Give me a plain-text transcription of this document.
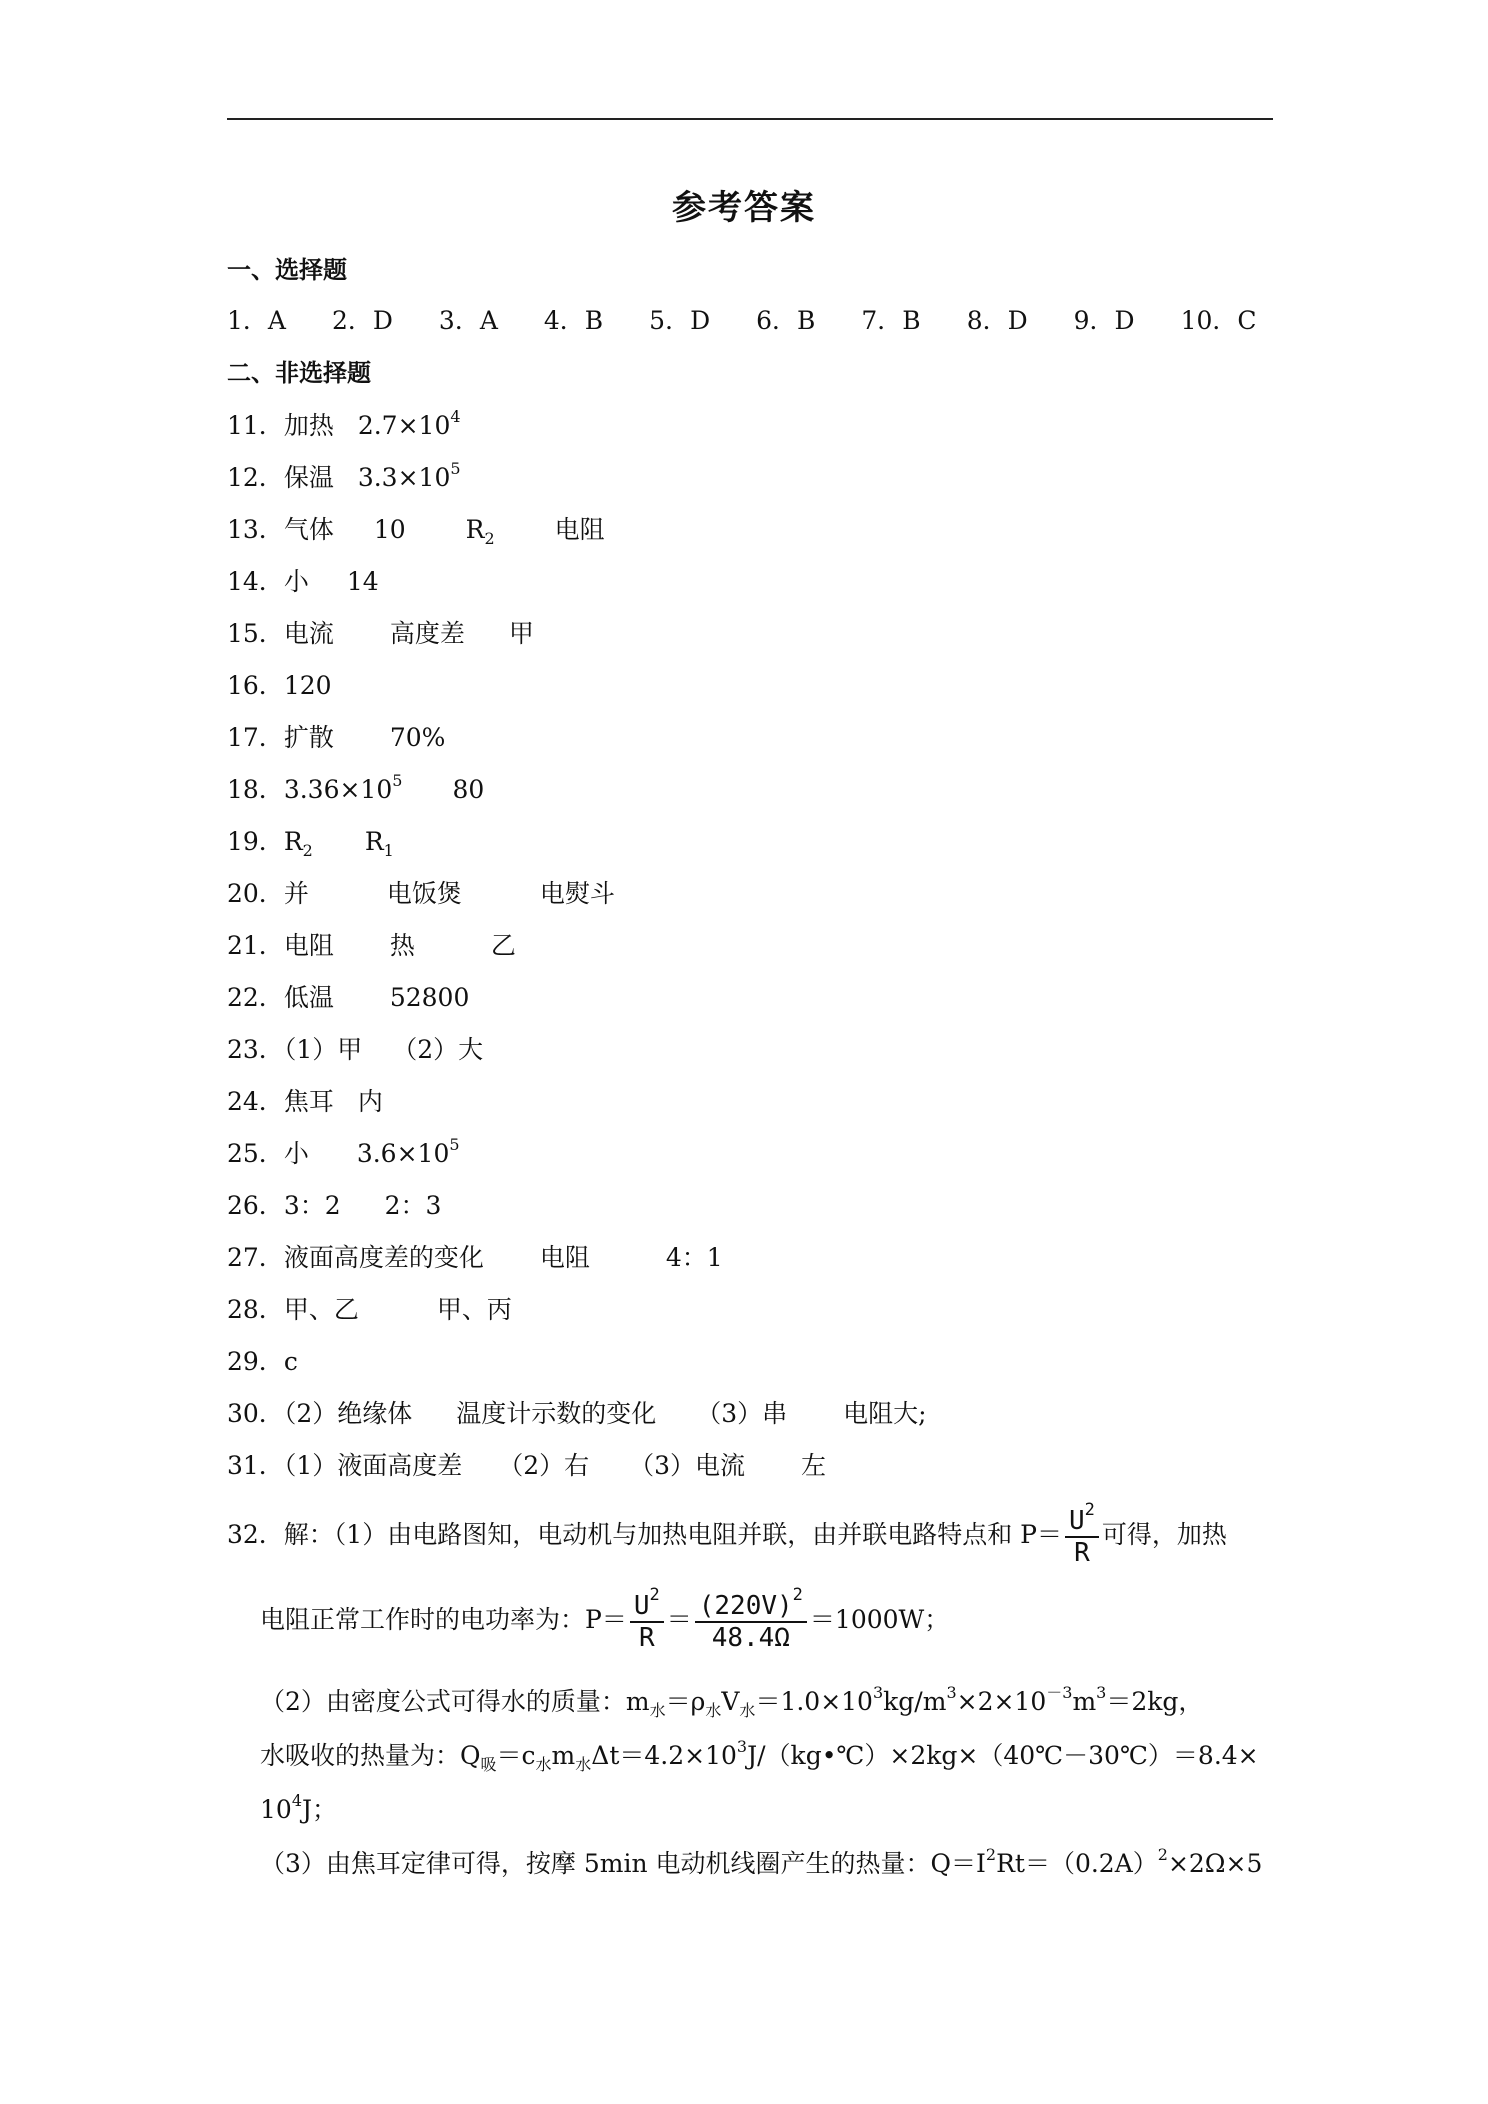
参考答案
一、选择题
1．A 2．D 3．A 4．B 5．D 6．B 7．B 8．D 9．D 10．C
二、非选择题
11．加热 $2.7\times 10^4$
12．保温 $3.3\times 10^5$
13．气体 10 $R_2$ 电阻
14．小 14
15．电流 高度差 甲
16．120
17．扩散 70%
18．$3.36\times 10^5$ 80
19．$R_2$ $R_1$
20．并	电饭煲	电熨斗
21．电阻 热	乙
22．低温 52800
23．（1）甲 （2）大
24．焦耳 内
25．小 $3.6\times 10^5$
26．3：2 2：3
27．液面高度差的变化 电阻	4：1
28．甲、乙	甲、丙
29．c
30．（2）绝缘体 温度计示数的变化 （3）串 电阻大;
31．（1）液面高度差 （2）右 （3）电流 左
32．解：（1）由电路图知，电动机与加热电阻并联，由并联电路特点和 $P= \frac{U^2}{R}$ 可得，加热
电阻正常工作时的电功率为：$P= \frac{U^2}{R} = \frac{(220V)^2}{48.4\Omega} =1000W$；
（2）由密度公式可得水的质量：$m_水=\rho_水V_水=1.0\times 10^3kg/m^3\times 2\times 10^{-3}m^3=2kg$，
水吸收的热量为：$Q_吸=c_水m_水\Delta t=4.2\times 10^3J/(kg•℃)\times 2kg\times(40℃-30℃)=8.4\times$
$10^4J$；
（3）由焦耳定律可得，按摩 5min 电动机线圈产生的热量：$Q=I^2Rt=(0.2A)^2\times 2\Omega\times 5$
